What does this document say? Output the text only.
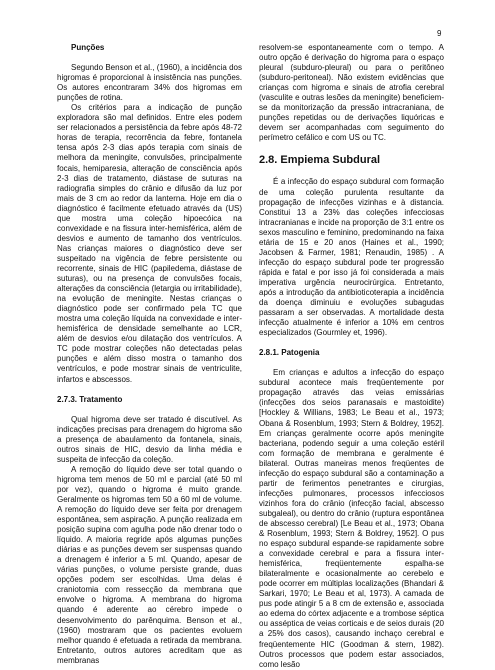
9

Punções

Segundo Benson et al., (1960), a incidência dos higromas é proporcional à insistência nas punções. Os autores encontraram 34% dos higromas em punções de rotina.

Os critérios para a indicação de punção exploradora são mal definidos. Entre eles podem ser relacionados a persistência da febre após 48-72 horas de terapia, recorrência da febre, fontanela tensa após 2-3 dias após terapia com sinais de melhora da meningite, convulsões, principalmente focais, hemiparesia, alteração de consciência após 2-3 dias de tratamento, diástase de suturas na radiografia simples do crânio e difusão da luz por mais de 3 cm ao redor da lanterna. Hoje em dia o diagnóstico é facilmente efetuado através da (US) que mostra uma coleção hipoecóica na convexidade e na fissura inter-hemisférica, além de desvios e aumento de tamanho dos ventrículos. Nas crianças maiores o diagnóstico deve ser suspeitado na vigência de febre persistente ou recorrente, sinais de HIC (papiledema, diástase de suturas), ou na presença de convulsões focais, alterações da consciência (letargia ou irritabilidade), na evolução de meningite. Nestas crianças o diagnóstico pode ser confirmado pela TC que mostra uma coleção líquida na convexidade e inter-hemisférica de densidade semelhante ao LCR, além de desvios e/ou dilatação dos ventrículos. A TC pode mostrar coleções não detectadas pelas punções e além disso mostra o tamanho dos ventrículos, e pode mostrar sinais de ventriculite, infartos e abscessos.

2.7.3. Tratamento

Qual higroma deve ser tratado é discutível. As indicações precisas para drenagem do higroma são a presença de abaulamento da fontanela, sinais, outros sinais de HIC, desvio da linha média e suspeita de infecção da coleção.

A remoção do líquido deve ser total quando o higroma tem menos de 50 ml e parcial (até 50 ml por vez), quando o higroma é muito grande. Geralmente os higromas tem 50 a 60 ml de volume. A remoção do líquido deve ser feita por drenagem espontânea, sem aspiração. A punção realizada em posição supina com agulha pode não drenar todo o líquido. A maioria regride após algumas punções diárias e as punções devem ser suspensas quando a drenagem é inferior a 5 ml. Quando, apesar de várias punções, o volume persiste grande, duas opções podem ser escolhidas. Uma delas é craniotomia com ressecção da membrana que envolve o higroma. A membrana do higroma quando é aderente ao cérebro impede o desenvolvimento do parênquima. Benson et al., (1960) mostraram que os pacientes evoluem melhor quando é efetuada a retirada da membrana. Entretanto, outros autores acreditam que as membranas

resolvem-se espontaneamente com o tempo. A outro opção é derivação do higroma para o espaço pleural (subduro-pleural) ou para o peritôneo (subduro-peritoneal). Não existem evidências que crianças com higroma e sinais de atrofia cerebral (vasculite e outras lesões da meningite) beneficiem-se da monitorização da pressão intracraniana, de punções repetidas ou de derivações liquóricas e devem ser acompanhadas com seguimento do perímetro cefálico e com US ou TC.

2.8. Empiema Subdural

É a infecção do espaço subdural com formação de uma coleção purulenta resultante da propagação de infecções vizinhas e à distancia. Constitui 13 a 23% das coleções infecciosas intracranianas e incide na proporção de 3:1 entre os sexos masculino e feminino, predominando na faixa etária de 15 e 20 anos (Haines et al., 1990; Jacobsen & Farmer, 1981; Renaudin, 1985) . A infecção do espaço subdural pode ter progressão rápida e fatal e por isso já foi considerada a mais imperativa urgência neurocirúrgica. Entretanto, após a introdução da antibioticoterapia a incidência da doença diminuiu e evoluções subagudas passaram a ser observadas. A mortalidade desta infecção atualmente é inferior a 10% em centros especializados (Gourmley et, 1996).

2.8.1. Patogenia

Em crianças e adultos a infecção do espaço subdural acontece mais freqüentemente por propagação através das veias emissárias (infecções dos seios paranasais e mastoidite) [Hockley & Willians, 1983; Le Beau et al., 1973; Obana & Rosenblum, 1993; Stern & Boldrey, 1952]. Em crianças geralmente ocorre após meningite bacteriana, podendo seguir a uma coleção estéril com formação de membrana e geralmente é bilateral. Outras maneiras menos freqüentes de infecção do espaço subdural são a contaminação a partir de ferimentos penetrantes e cirurgias, infecções pulmonares, processos infecciosos vizinhos fora do crânio (infecção facial, abscesso subgaleal), ou dentro do crânio (ruptura espontânea de abscesso cerebral) [Le Beau et al., 1973; Obana & Rosenblum, 1993; Stern & Boldrey, 1952]. O pus no espaço subdural espande-se rapidamente sobre a convexidade cerebral e para a fissura inter-hemisférica, freqüentemente espalha-se bilateralmente e ocasionalmente ao cerebelo e pode ocorrer em múltiplas localizações (Bhandari & Sarkari, 1970; Le Beau et al, 1973). A camada de pus pode atingir 5 a 8 cm de extensão e, associada ao edema do córtex adjacente e a trombose séptica ou asséptica de veias corticais e de seios durais (20 a 25% dos casos), causando inchaço cerebral e freqüentemente HIC (Goodman & stern, 1982). Outros processos que podem estar associados, como lesão
